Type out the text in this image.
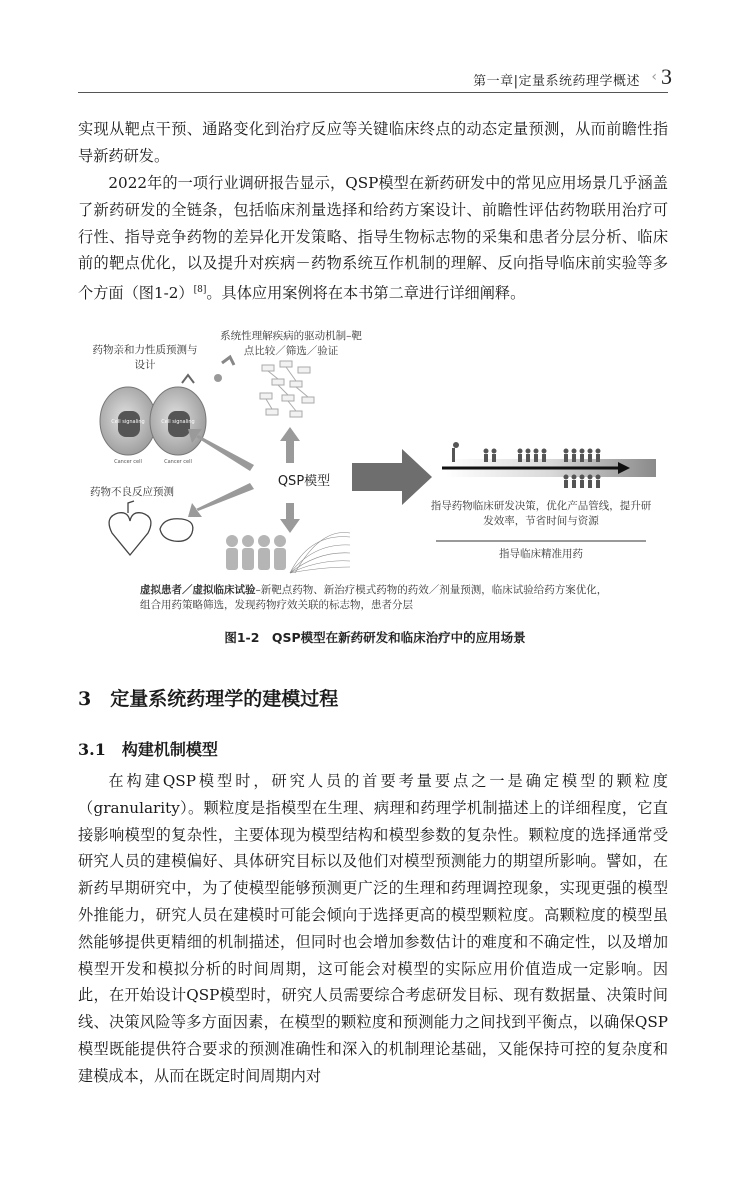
第一章|定量系统药理学概述 ‹ 3
实现从靶点干预、通路变化到治疗反应等关键临床终点的动态定量预测，从而前瞻性指导新药研发。
2022年的一项行业调研报告显示，QSP模型在新药研发中的常见应用场景几乎涵盖了新药研发的全链条，包括临床剂量选择和给药方案设计、前瞻性评估药物联用治疗可行性、指导竞争药物的差异化开发策略、指导生物标志物的采集和患者分层分析、临床前的靶点优化，以及提升对疾病－药物系统互作机制的理解、反向指导临床前实验等多个方面（图1-2）[8]。具体应用案例将在本书第二章进行详细阐释。
Cell signaling	Cell signaling
Cancer cell	Cancer cell
QSP模型
药物亲和力性质预测与设计
系统性理解疾病的驱动机制–靶点比较／筛选／验证
药物不良反应预测
指导药物临床研发决策，优化产品管线，提升研发效率，节省时间与资源
指导临床精准用药
虚拟患者／虚拟临床试验–新靶点药物、新治疗模式药物的药效／剂量预测，临床试验给药方案优化，组合用药策略筛选，发现药物疗效关联的标志物，患者分层
图1-2　QSP模型在新药研发和临床治疗中的应用场景
3　定量系统药理学的建模过程
3.1　构建机制模型
在构建QSP模型时，研究人员的首要考量要点之一是确定模型的颗粒度（granularity）。颗粒度是指模型在生理、病理和药理学机制描述上的详细程度，它直接影响模型的复杂性，主要体现为模型结构和模型参数的复杂性。颗粒度的选择通常受研究人员的建模偏好、具体研究目标以及他们对模型预测能力的期望所影响。譬如，在新药早期研究中，为了使模型能够预测更广泛的生理和药理调控现象，实现更强的模型外推能力，研究人员在建模时可能会倾向于选择更高的模型颗粒度。高颗粒度的模型虽然能够提供更精细的机制描述，但同时也会增加参数估计的难度和不确定性，以及增加模型开发和模拟分析的时间周期，这可能会对模型的实际应用价值造成一定影响。因此，在开始设计QSP模型时，研究人员需要综合考虑研发目标、现有数据量、决策时间线、决策风险等多方面因素，在模型的颗粒度和预测能力之间找到平衡点，以确保QSP模型既能提供符合要求的预测准确性和深入的机制理论基础，又能保持可控的复杂度和建模成本，从而在既定时间周期内对
